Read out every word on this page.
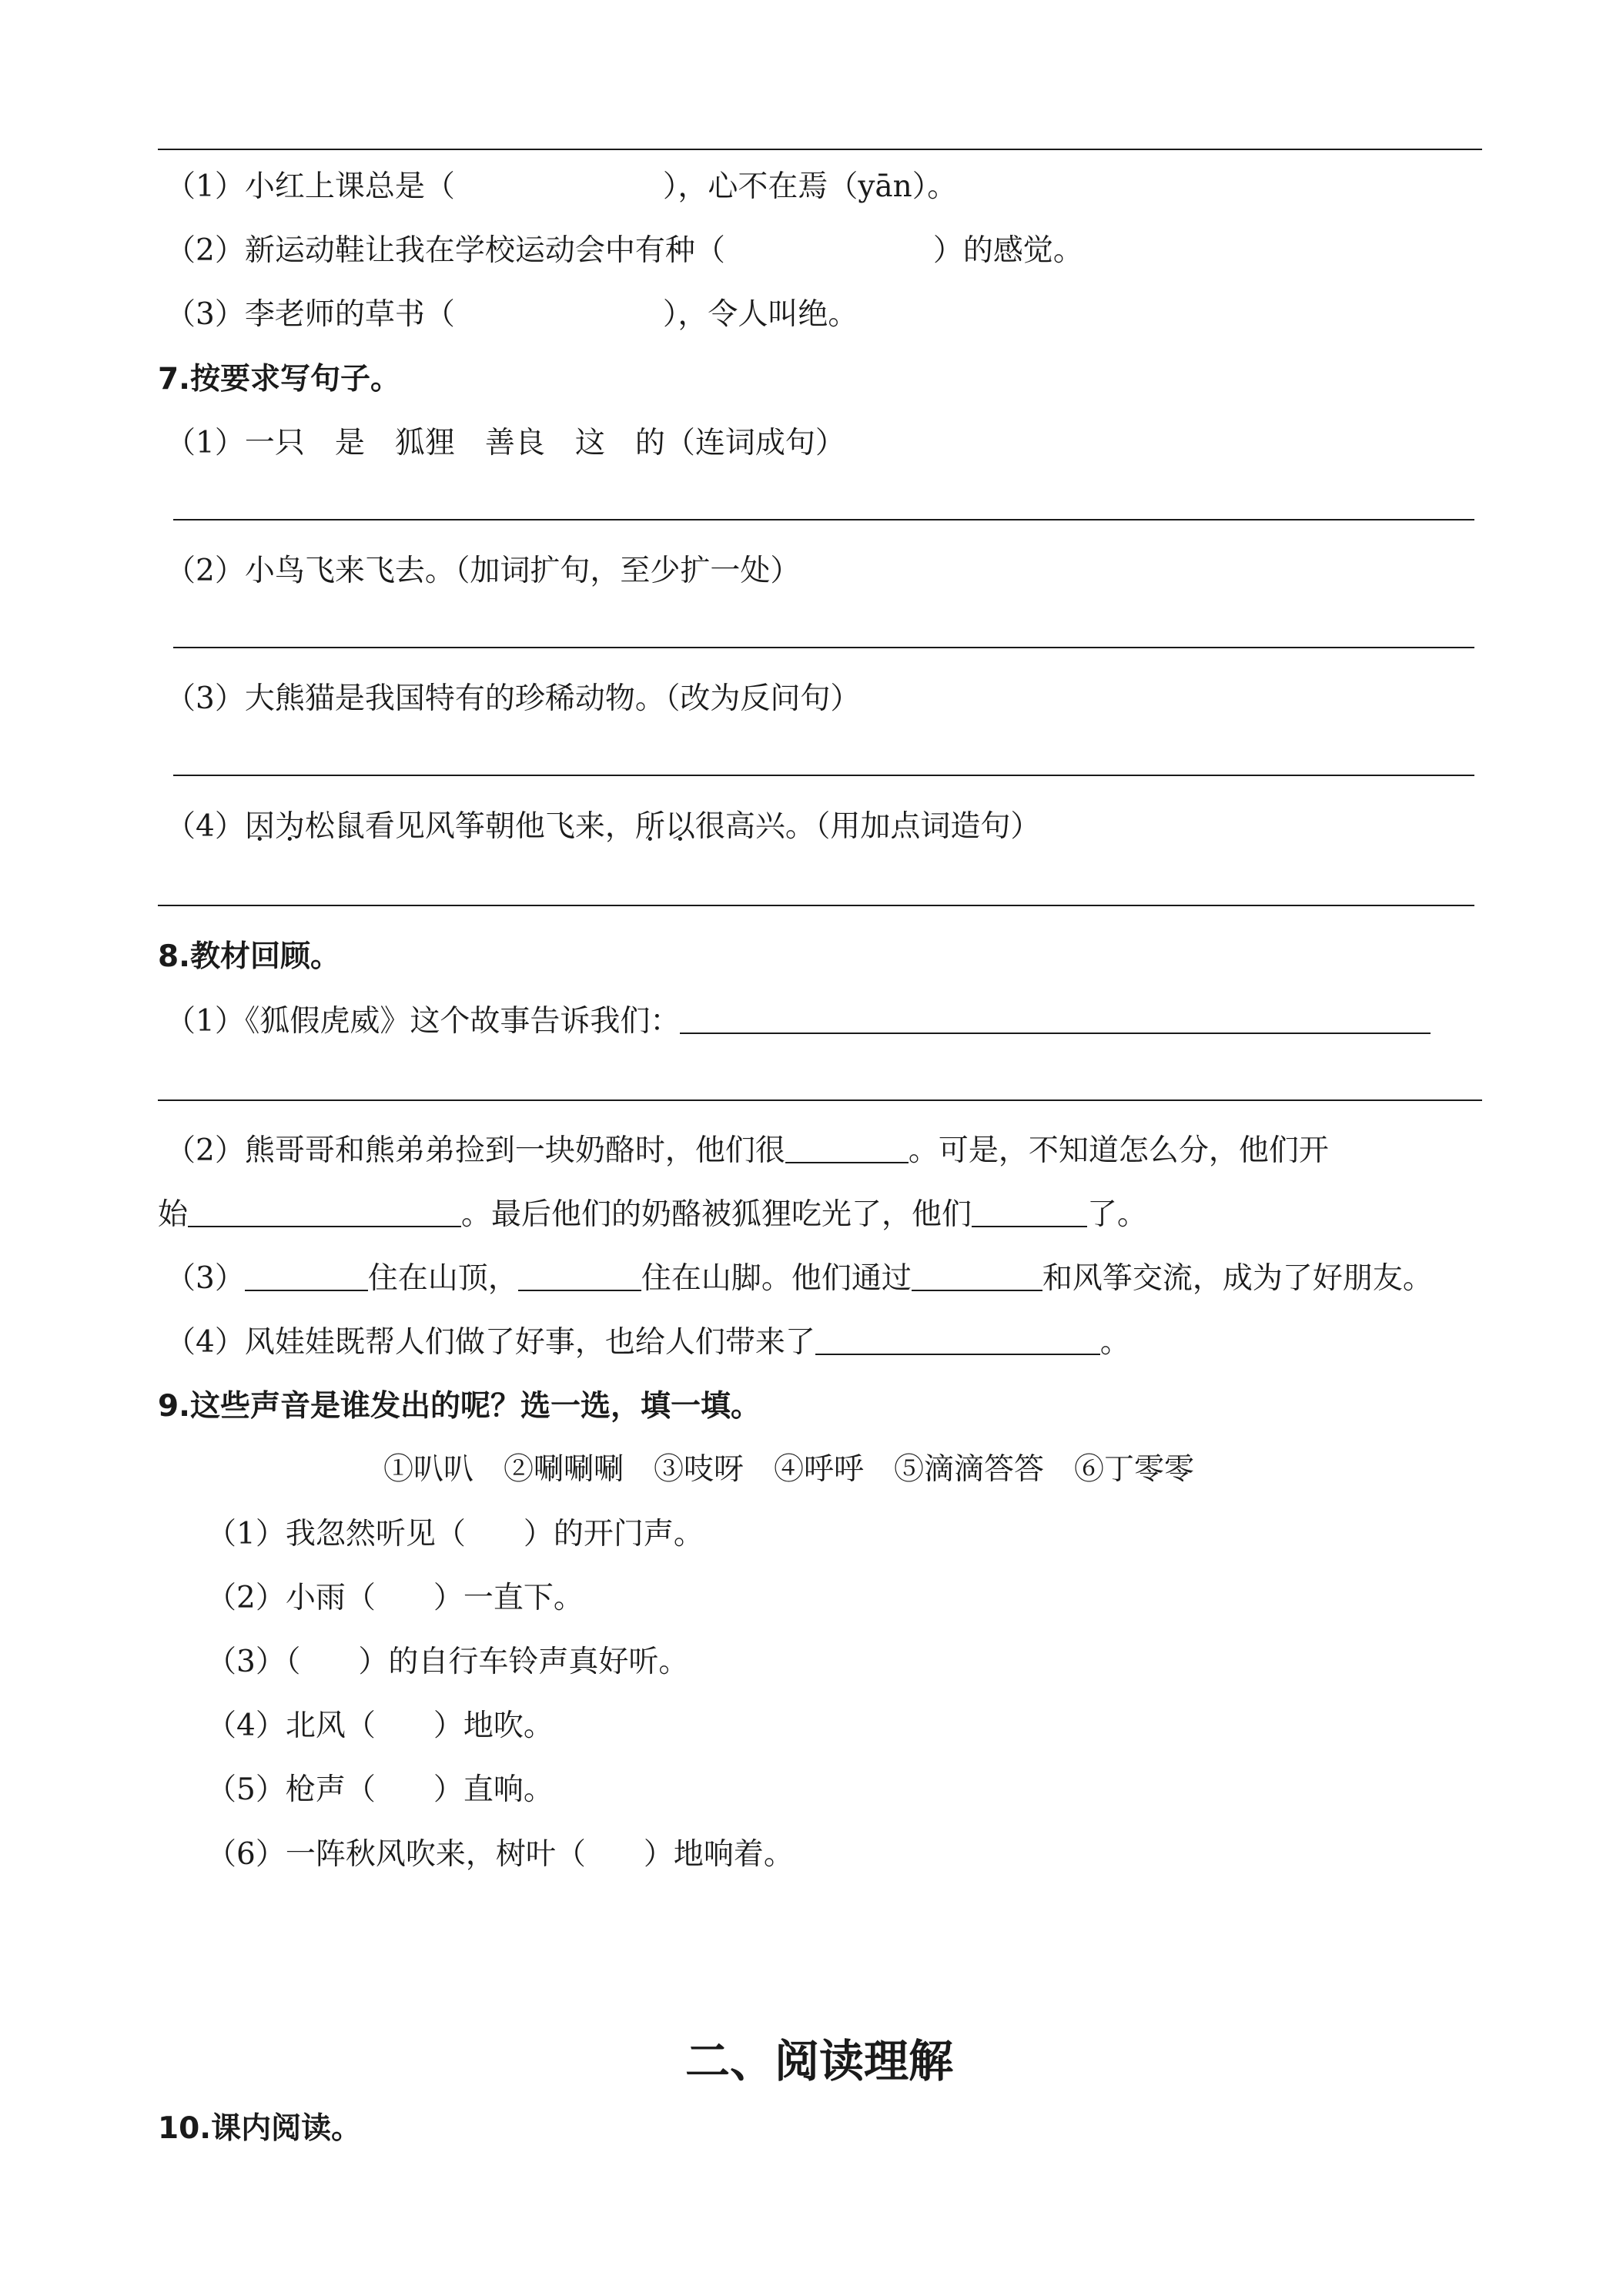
（1）小红上课总是（	），心不在焉（yān）。
（2）新运动鞋让我在学校运动会中有种（	）的感觉。
（3）李老师的草书（	），令人叫绝。
7.按要求写句子。
（1）一只　是　狐狸　善良　这　的（连词成句）
（2）小鸟飞来飞去。（加词扩句，至少扩一处）
（3）大熊猫是我国特有的珍稀动物。（改为反问句）
（4）因为松鼠看见风筝朝他飞来，所以很高兴。（用加点词造句）
8.教材回顾。
（1）《狐假虎威》这个故事告诉我们：
（2）熊哥哥和熊弟弟捡到一块奶酪时，他们很	。可是，不知道怎么分，他们开
始	。最后他们的奶酪被狐狸吃光了，他们	了。
（3）	住在山顶，	住在山脚。他们通过	和风筝交流，成为了好朋友。
（4）风娃娃既帮人们做了好事，也给人们带来了	。
9.这些声音是谁发出的呢？选一选，填一填。
①叭叭　②唰唰唰　③吱呀　④呼呼　⑤滴滴答答　⑥丁零零
（1）我忽然听见（ ）的开门声。
（2）小雨（ ）一直下。
（3）（ ）的自行车铃声真好听。
（4）北风（ ）地吹。
（5）枪声（ ）直响。
（6）一阵秋风吹来，树叶（ ）地响着。
二、阅读理解
10.课内阅读。
